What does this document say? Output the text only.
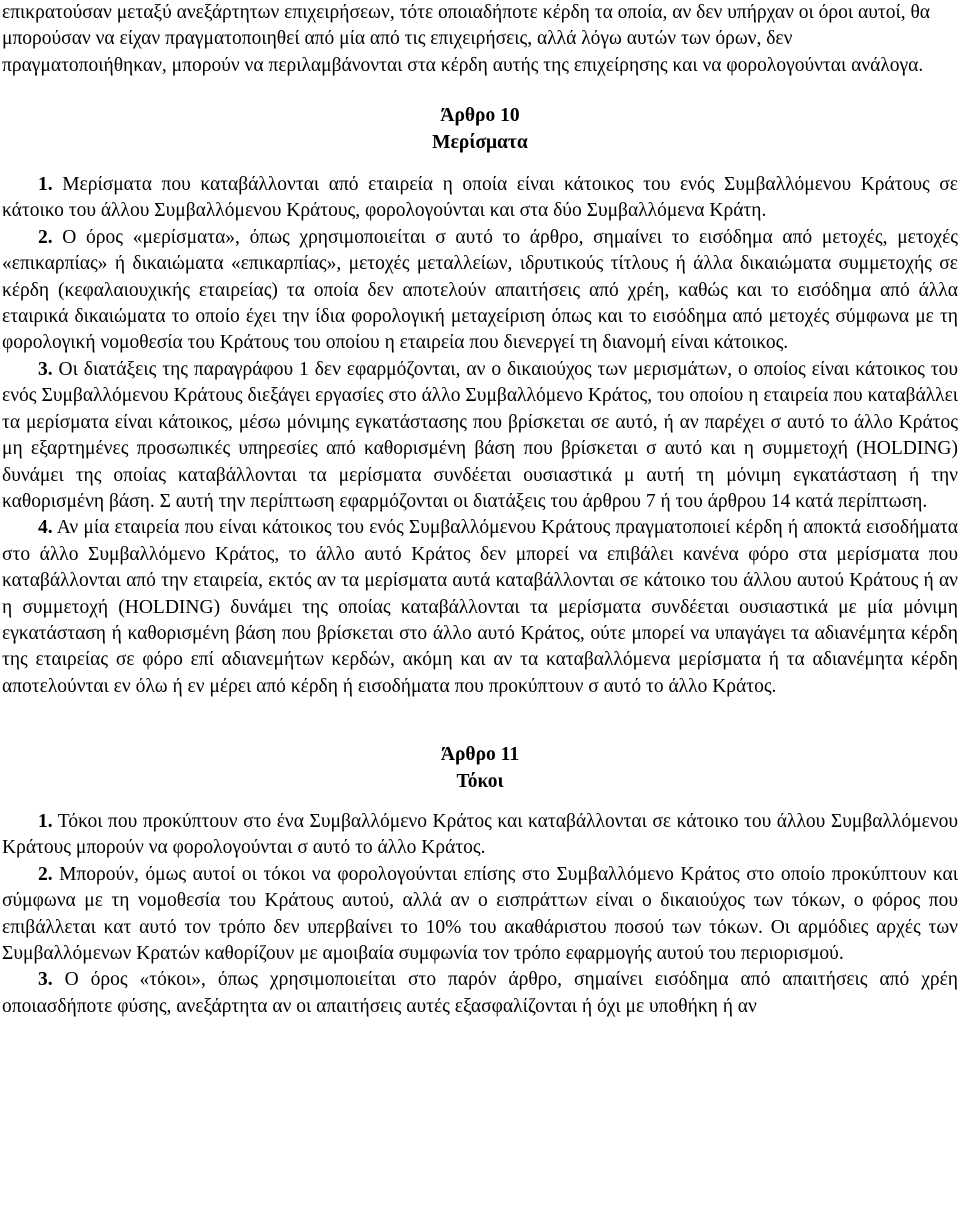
επικρατούσαν μεταξύ ανεξάρτητων επιχειρήσεων, τότε οποιαδήποτε κέρδη τα οποία, αν δεν υπήρχαν οι όροι αυτοί, θα μπορούσαν να είχαν πραγματοποιηθεί από μία από τις επιχειρήσεις, αλλά λόγω αυτών των όρων, δεν πραγματοποιήθηκαν, μπορούν να περιλαμβάνονται στα κέρδη αυτής της επιχείρησης και να φορολογούνται ανάλογα.

Άρθρο 10

Μερίσματα

1. Μερίσματα που καταβάλλονται από εταιρεία η οποία είναι κάτοικος του ενός Συμβαλλόμενου Κράτους σε κάτοικο του άλλου Συμβαλλόμενου Κράτους, φορολογούνται και στα δύο Συμβαλλόμενα Κράτη.

2. Ο όρος «μερίσματα», όπως χρησιμοποιείται σ αυτό το άρθρο, σημαίνει το εισόδημα από μετοχές, μετοχές «επικαρπίας» ή δικαιώματα «επικαρπίας», μετοχές μεταλλείων, ιδρυτικούς τίτλους ή άλλα δικαιώματα συμμετοχής σε κέρδη (κεφαλαιουχικής εταιρείας) τα οποία δεν αποτελούν απαιτήσεις από χρέη, καθώς και το εισόδημα από άλλα εταιρικά δικαιώματα το οποίο έχει την ίδια φορολογική μεταχείριση όπως και το εισόδημα από μετοχές σύμφωνα με τη φορολογική νομοθεσία του Κράτους του οποίου η εταιρεία που διενεργεί τη διανομή είναι κάτοικος.

3. Οι διατάξεις της παραγράφου 1 δεν εφαρμόζονται, αν ο δικαιούχος των μερισμάτων, ο οποίος είναι κάτοικος του ενός Συμβαλλόμενου Κράτους διεξάγει εργασίες στο άλλο Συμβαλλόμενο Κράτος, του οποίου η εταιρεία που καταβάλλει τα μερίσματα είναι κάτοικος, μέσω μόνιμης εγκατάστασης που βρίσκεται σε αυτό, ή αν παρέχει σ αυτό το άλλο Κράτος μη εξαρτημένες προσωπικές υπηρεσίες από καθορισμένη βάση που βρίσκεται σ αυτό και η συμμετοχή (HOLDING) δυνάμει της οποίας καταβάλλονται τα μερίσματα συνδέεται ουσιαστικά μ αυτή τη μόνιμη εγκατάσταση ή την καθορισμένη βάση. Σ αυτή την περίπτωση εφαρμόζονται οι διατάξεις του άρθρου 7 ή του άρθρου 14 κατά περίπτωση.

4. Αν μία εταιρεία που είναι κάτοικος του ενός Συμβαλλόμενου Κράτους πραγματοποιεί κέρδη ή αποκτά εισοδήματα στο άλλο Συμβαλλόμενο Κράτος, το άλλο αυτό Κράτος δεν μπορεί να επιβάλει κανένα φόρο στα μερίσματα που καταβάλλονται από την εταιρεία, εκτός αν τα μερίσματα αυτά καταβάλλονται σε κάτοικο του άλλου αυτού Κράτους ή αν η συμμετοχή (HOLDING) δυνάμει της οποίας καταβάλλονται τα μερίσματα συνδέεται ουσιαστικά με μία μόνιμη εγκατάσταση ή καθορισμένη βάση που βρίσκεται στο άλλο αυτό Κράτος, ούτε μπορεί να υπαγάγει τα αδιανέμητα κέρδη της εταιρείας σε φόρο επί αδιανεμήτων κερδών, ακόμη και αν τα καταβαλλόμενα μερίσματα ή τα αδιανέμητα κέρδη αποτελούνται εν όλω ή εν μέρει από κέρδη ή εισοδήματα που προκύπτουν σ αυτό το άλλο Κράτος.

Άρθρο 11

Τόκοι

1. Τόκοι που προκύπτουν στο ένα Συμβαλλόμενο Κράτος και καταβάλλονται σε κάτοικο του άλλου Συμβαλλόμενου Κράτους μπορούν να φορολογούνται σ αυτό το άλλο Κράτος.

2. Μπορούν, όμως αυτοί οι τόκοι να φορολογούνται επίσης στο Συμβαλλόμενο Κράτος στο οποίο προκύπτουν και σύμφωνα με τη νομοθεσία του Κράτους αυτού, αλλά αν ο εισπράττων είναι ο δικαιούχος των τόκων, ο φόρος που επιβάλλεται κατ αυτό τον τρόπο δεν υπερβαίνει το 10% του ακαθάριστου ποσού των τόκων. Οι αρμόδιες αρχές των Συμβαλλόμενων Κρατών καθορίζουν με αμοιβαία συμφωνία τον τρόπο εφαρμογής αυτού του περιορισμού.

3. Ο όρος «τόκοι», όπως χρησιμοποιείται στο παρόν άρθρο, σημαίνει εισόδημα από απαιτήσεις από χρέη οποιασδήποτε φύσης, ανεξάρτητα αν οι απαιτήσεις αυτές εξασφαλίζονται ή όχι με υποθήκη ή αν
